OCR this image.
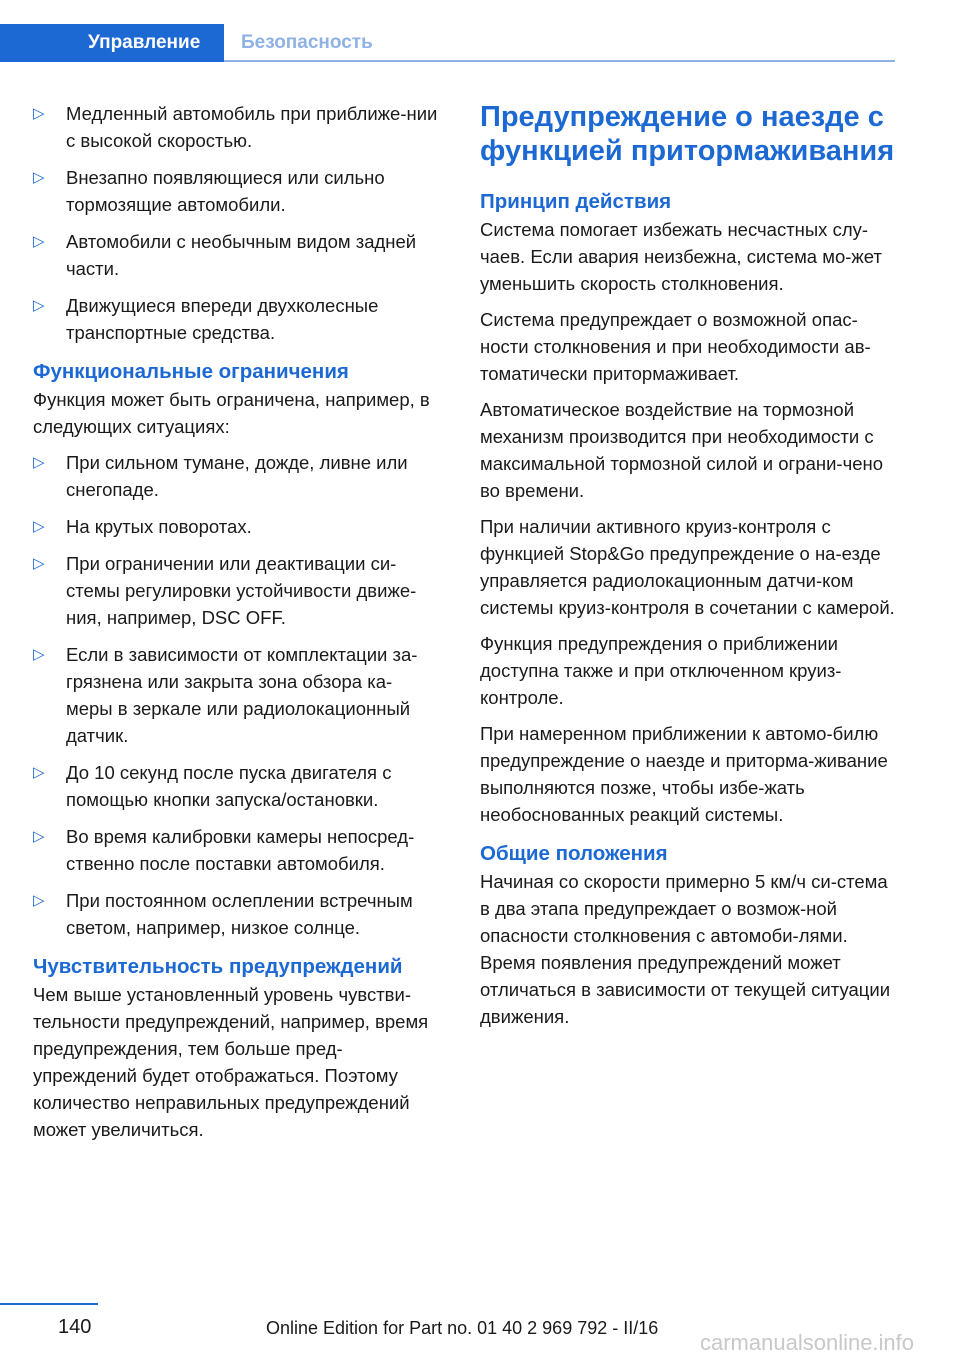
Управление	Безопасность
▷ Медленный автомобиль при приближе-нии с высокой скоростью.
▷ Внезапно появляющиеся или сильно тормозящие автомобили.
▷ Автомобили с необычным видом задней части.
▷ Движущиеся впереди двухколесные транспортные средства.
Функциональные ограничения
Функция может быть ограничена, например, в следующих ситуациях:
▷ При сильном тумане, дожде, ливне или снегопаде.
▷ На крутых поворотах.
▷ При ограничении или деактивации си-стемы регулировки устойчивости движе-ния, например, DSC OFF.
▷ Если в зависимости от комплектации за-грязнена или закрыта зона обзора ка-меры в зеркале или радиолокационный датчик.
▷ До 10 секунд после пуска двигателя с помощью кнопки запуска/остановки.
▷ Во время калибровки камеры непосред-ственно после поставки автомобиля.
▷ При постоянном ослеплении встречным светом, например, низкое солнце.
Чувствительность предупреждений
Чем выше установленный уровень чувстви-тельности предупреждений, например, время предупреждения, тем больше пред-упреждений будет отображаться. Поэтому количество неправильных предупреждений может увеличиться.
Предупреждение о наезде с функцией притормаживания
Принцип действия
Система помогает избежать несчастных слу-чаев. Если авария неизбежна, система мо-жет уменьшить скорость столкновения.
Система предупреждает о возможной опас-ности столкновения и при необходимости ав-томатически притормаживает.
Автоматическое воздействие на тормозной механизм производится при необходимости с максимальной тормозной силой и ограни-чено во времени.
При наличии активного круиз-контроля с функцией Stop&Go предупреждение о на-езде управляется радиолокационным датчи-ком системы круиз-контроля в сочетании с камерой.
Функция предупреждения о приближении доступна также и при отключенном круиз-контроле.
При намеренном приближении к автомо-билю предупреждение о наезде и притормa-живание выполняются позже, чтобы избе-жать необоснованных реакций системы.
Общие положения
Начиная со скорости примерно 5 км/ч си-стема в два этапа предупреждает о возмож-ной опасности столкновения с автомоби-лями. Время появления предупреждений может отличаться в зависимости от текущей ситуации движения.
140	Online Edition for Part no. 01 40 2 969 792 - II/16
carmanualsonline.info
